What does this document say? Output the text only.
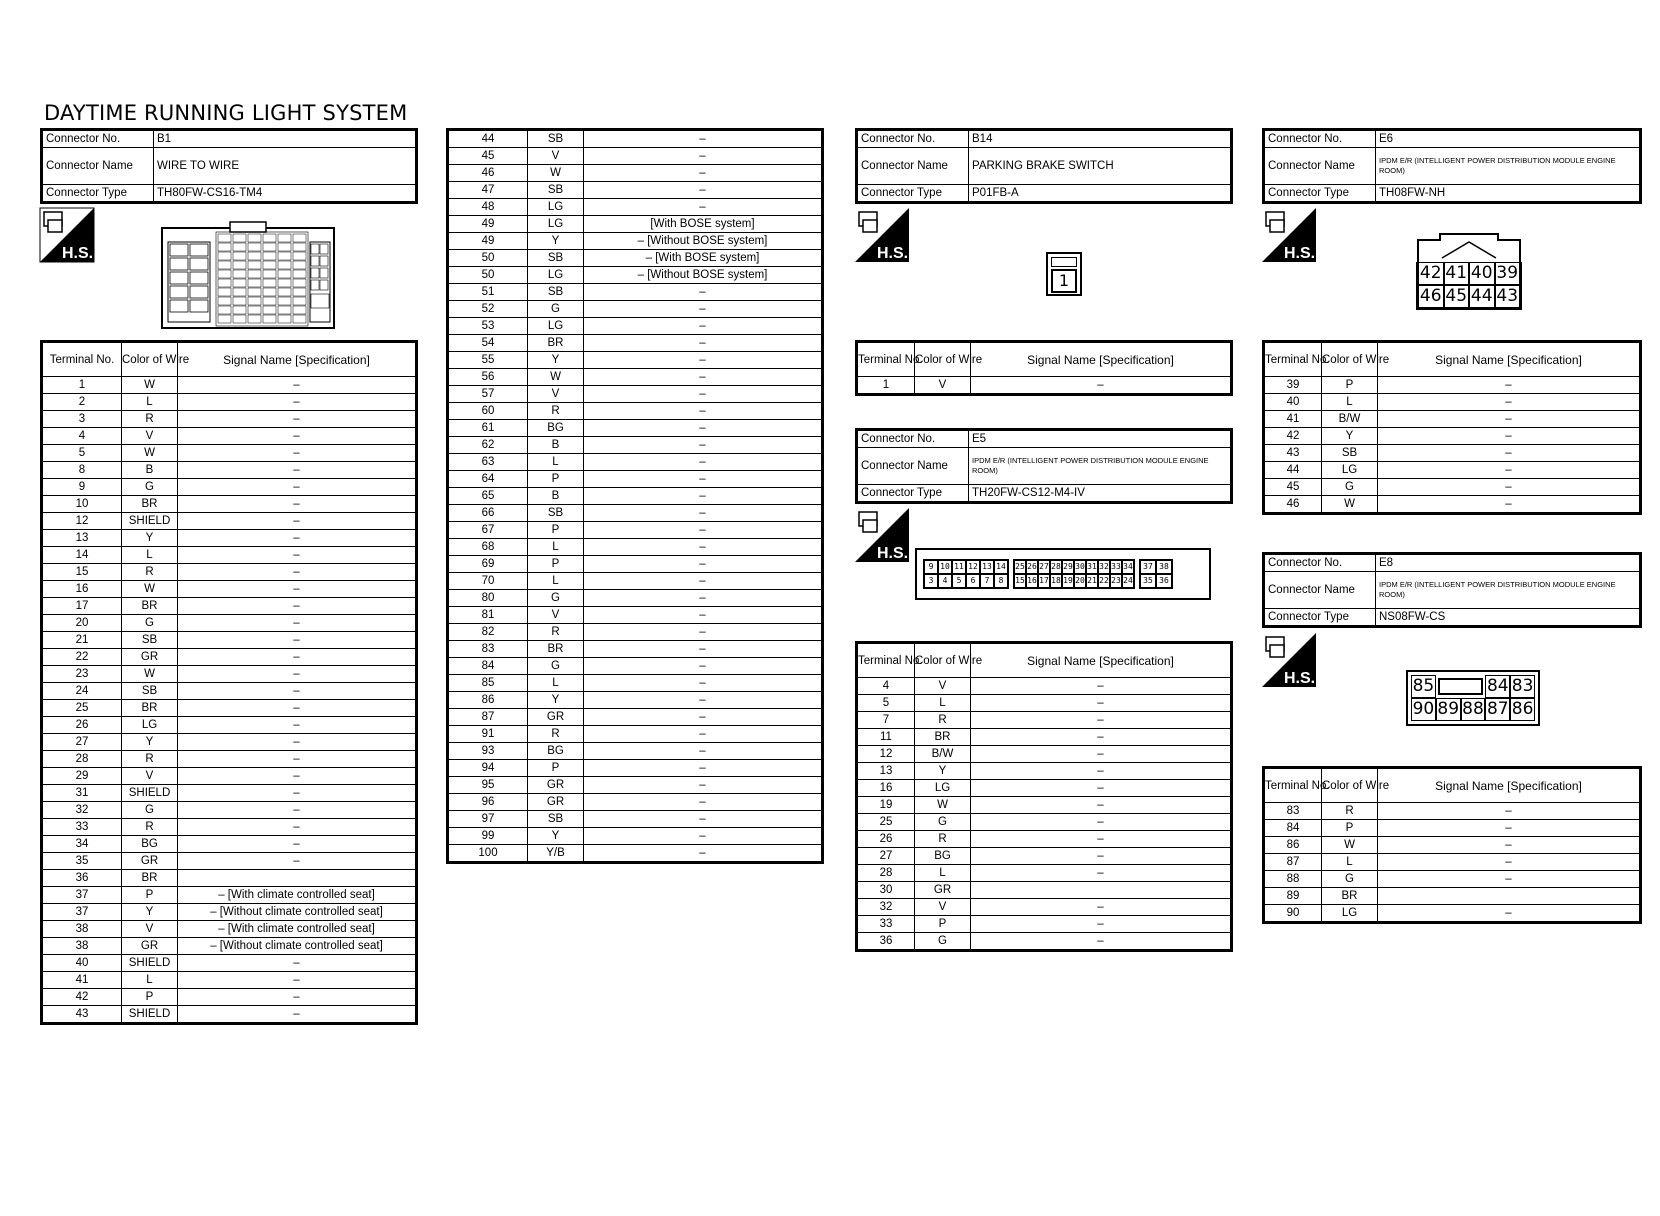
DAYTIME RUNNING LIGHT SYSTEM
Connector No.	B1
Connector Name	WIRE TO WIRE
Connector Type	TH80FW-CS16-TM4
H.S.
Terminal No.	Color of Wire	Signal Name [Specification]
1	W	–
2	L	–
3	R	–
4	V	–
5	W	–
8	B	–
9	G	–
10	BR	–
12	SHIELD	–
13	Y	–
14	L	–
15	R	–
16	W	–
17	BR	–
20	G	–
21	SB	–
22	GR	–
23	W	–
24	SB	–
25	BR	–
26	LG	–
27	Y	–
28	R	–
29	V	–
31	SHIELD	–
32	G	–
33	R	–
34	BG	–
35	GR	–
36	BR	
37	P	– [With climate controlled seat]
37	Y	– [Without climate controlled seat]
38	V	– [With climate controlled seat]
38	GR	– [Without climate controlled seat]
40	SHIELD	–
41	L	–
42	P	–
43	SHIELD	–
44	SB	–
45	V	–
46	W	–
47	SB	–
48	LG	–
49	LG	[With BOSE system]
49	Y	– [Without BOSE system]
50	SB	– [With BOSE system]
50	LG	– [Without BOSE system]
51	SB	–
52	G	–
53	LG	–
54	BR	–
55	Y	–
56	W	–
57	V	–
60	R	–
61	BG	–
62	B	–
63	L	–
64	P	–
65	B	–
66	SB	–
67	P	–
68	L	–
69	P	–
70	L	–
80	G	–
81	V	–
82	R	–
83	BR	–
84	G	–
85	L	–
86	Y	–
87	GR	–
91	R	–
93	BG	–
94	P	–
95	GR	–
96	GR	–
97	SB	–
99	Y	–
100	Y/B	–
Connector No.	B14
Connector Name	PARKING BRAKE SWITCH
Connector Type	P01FB-A
H.S.
1
Terminal No.	Color of Wire	Signal Name [Specification]
1	V	–
Connector No.	E5
Connector Name	IPDM E/R (INTELLIGENT POWER DISTRIBUTION MODULE ENGINE ROOM)

Connector Type	TH20FW-CS12-M4-IV
H.S.
9 10 11 12 13 14
3	4	5	6	7	8
25 26 27 28 29 30 31 32 33 34
15 16 17 18 19 20 21 22 23 24
37 38
35 36
Terminal No.	Color of Wire	Signal Name [Specification]
4	V	–
5	L	–
7	R	–
11	BR	–
12	B/W	–
13	Y	–
16	LG	–
19	W	–
25	G	–
26	R	–
27	BG	–
28	L	–
30	GR	
32	V	–
33	P	–
36	G	–
Connector No.	E6
Connector Name	IPDM E/R (INTELLIGENT POWER DISTRIBUTION MODULE ENGINE ROOM)

Connector Type	TH08FW-NH
H.S.
42 41 40 39
46 45 44 43
Terminal No.	Color of Wire	Signal Name [Specification]
39	P	–
40	L	–
41	B/W	–
42	Y	–
43	SB	–
44	LG	–
45	G	–
46	W	–
Connector No.	E8
Connector Name	IPDM E/R (INTELLIGENT POWER DISTRIBUTION MODULE ENGINE ROOM)

Connector Type	NS08FW-CS
H.S.	85	84 83
90 89 88 87 86
Terminal No.	Color of Wire	Signal Name [Specification]
83	R	–
84	P	–
86	W	–
87	L	–
88	G	–
89	BR	
90	LG	–
